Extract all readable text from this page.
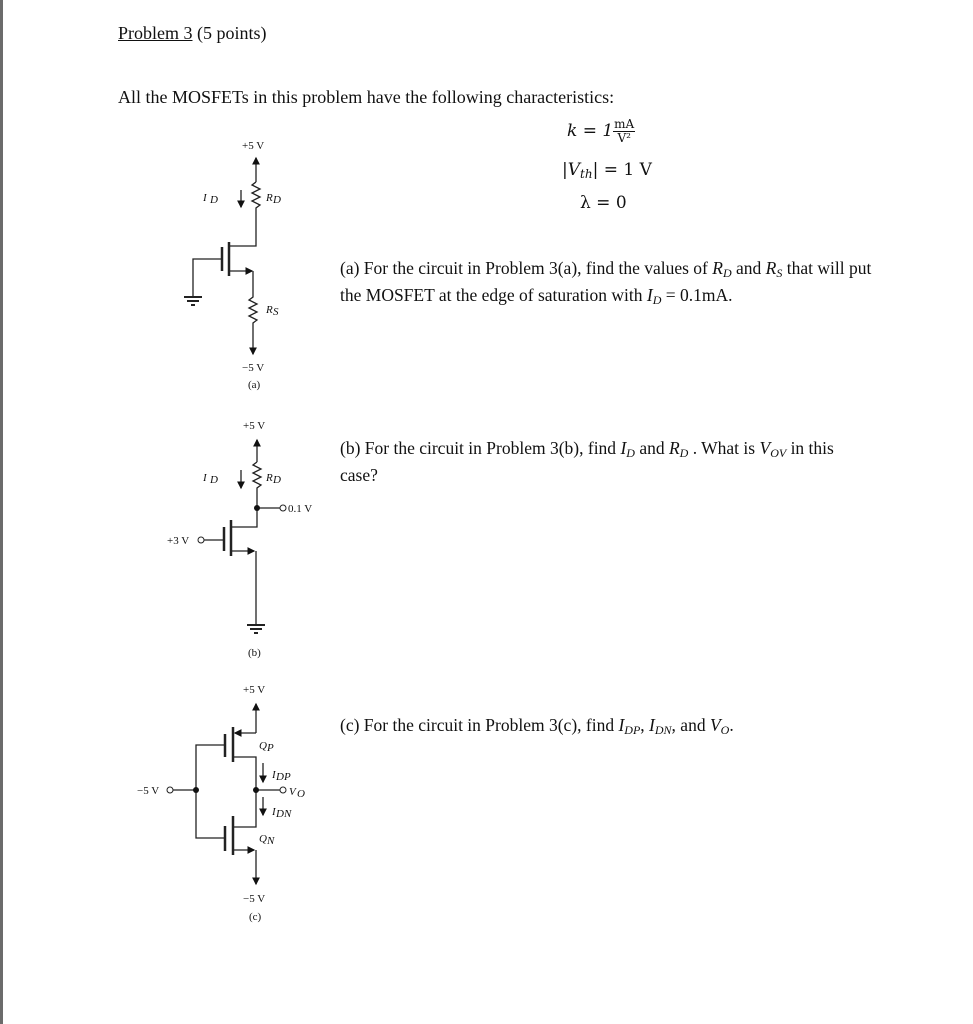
Problem 3 (5 points)
All the MOSFETs in this problem have the following characteristics:
$k = 1 \frac{mA}{\text{V²}}$
$|V_{th}| = 1$ V
λ = 0
(a) For the circuit in Problem 3(a), find the values of $R_D$ and $R_S$ that will put the MOSFET at the edge of saturation with $I_D = 0.1mA$.
(b) For the circuit in Problem 3(b), find $I_D$ and $R_D$ . What is $V_{OV}$ in this case?
(c) For the circuit in Problem 3(c), find $I_{DP}$, $I_{DN}$, and $V_O$.
+5 V
I D	R D
R S
−5 V
(a)
+5 V
I D	R D
0.1 V
+3 V
(b)
+5 V
Q P
I DP
V O
I DN
Q N
−5 V
−5 V
(c)
